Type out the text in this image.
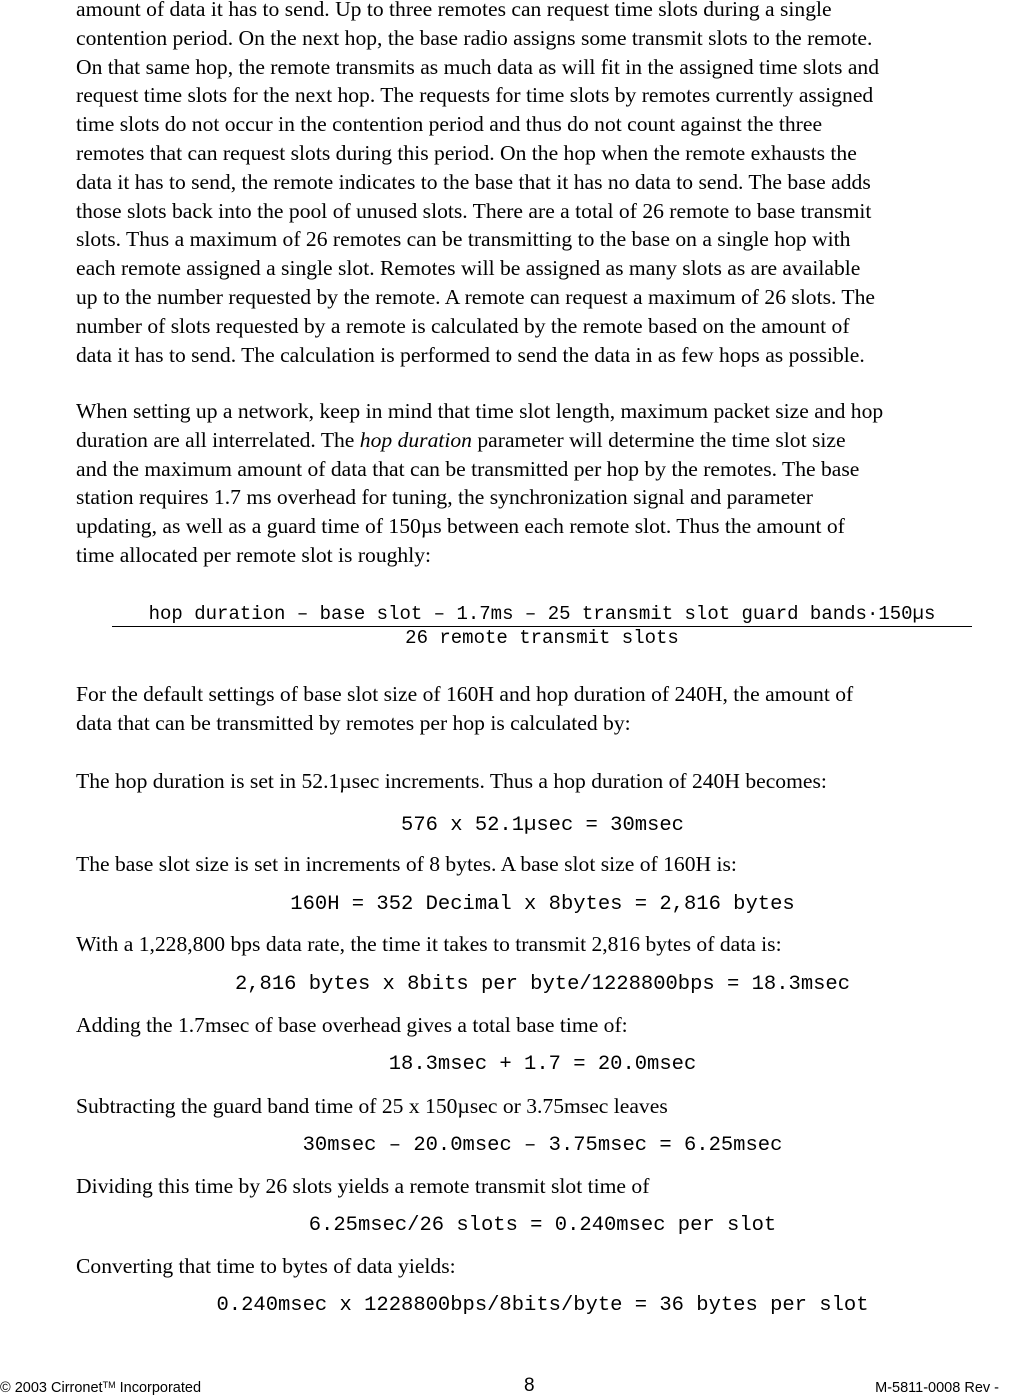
amount of data it has to send. Up to three remotes can request time slots during a single
contention period. On the next hop, the base radio assigns some transmit slots to the remote.
On that same hop, the remote transmits as much data as will fit in the assigned time slots and
request time slots for the next hop. The requests for time slots by remotes currently assigned
time slots do not occur in the contention period and thus do not count against the three
remotes that can request slots during this period. On the hop when the remote exhausts the
data it has to send, the remote indicates to the base that it has no data to send. The base adds
those slots back into the pool of unused slots. There are a total of 26 remote to base transmit
slots. Thus a maximum of 26 remotes can be transmitting to the base on a single hop with
each remote assigned a single slot. Remotes will be assigned as many slots as are available
up to the number requested by the remote. A remote can request a maximum of 26 slots. The
number of slots requested by a remote is calculated by the remote based on the amount of
data it has to send. The calculation is performed to send the data in as few hops as possible.

When setting up a network, keep in mind that time slot length, maximum packet size and hop
duration are all interrelated. The hop duration parameter will determine the time slot size
and the maximum amount of data that can be transmitted per hop by the remotes. The base
station requires 1.7 ms overhead for tuning, the synchronization signal and parameter
updating, as well as a guard time of 150µs between each remote slot. Thus the amount of
time allocated per remote slot is roughly:

hop duration – base slot – 1.7ms – 25 transmit slot guard bands·150µs
26 remote transmit slots

For the default settings of base slot size of 160H and hop duration of 240H, the amount of
data that can be transmitted by remotes per hop is calculated by:

The hop duration is set in 52.1µsec increments. Thus a hop duration of 240H becomes:
576 x 52.1µsec = 30msec
The base slot size is set in increments of 8 bytes. A base slot size of 160H is:
160H = 352 Decimal x 8bytes = 2,816 bytes
With a 1,228,800 bps data rate, the time it takes to transmit 2,816 bytes of data is:
2,816 bytes x 8bits per byte/1228800bps = 18.3msec
Adding the 1.7msec of base overhead gives a total base time of:
18.3msec + 1.7 = 20.0msec
Subtracting the guard band time of 25 x 150µsec or 3.75msec leaves
30msec – 20.0msec – 3.75msec = 6.25msec
Dividing this time by 26 slots yields a remote transmit slot time of
6.25msec/26 slots = 0.240msec per slot
Converting that time to bytes of data yields:
0.240msec x 1228800bps/8bits/byte = 36 bytes per slot
© 2003 Cirronet™ Incorporated	8	M-5811-0008 Rev -
